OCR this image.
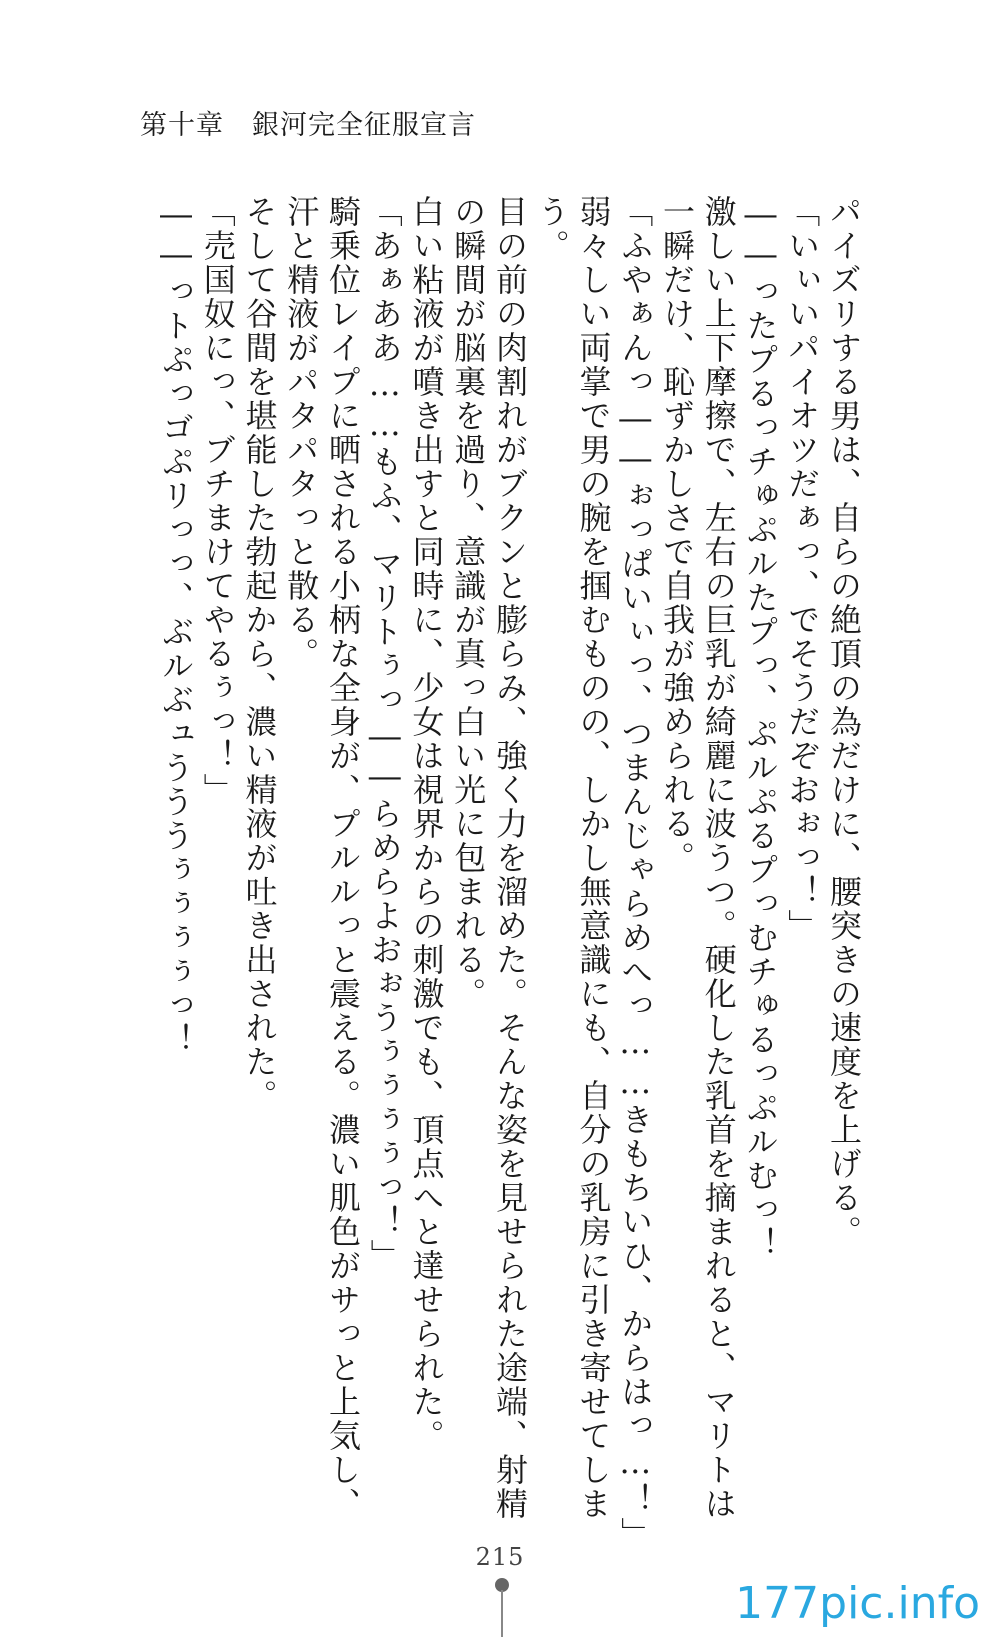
第十章　銀河完全征服宣言
パイズリする男は、自らの絶頂の為だけに、腰突きの速度を上げる。
「いぃいパイオツだぁっ、でそうだぞおぉっ！」
――ったプるっチゅぷルたプっ、ぷルぷるプっむチゅるっぷルむっ！
激しい上下摩擦で、左右の巨乳が綺麗に波うつ。硬化した乳首を摘まれると、マリトは
一瞬だけ、恥ずかしさで自我が強められる。
「ふやぁんっ――ぉっぱいぃっ、つまんじゃらめへっ……きもちいひ、からはっ…！」
弱々しい両掌で男の腕を掴むものの、しかし無意識にも、自分の乳房に引き寄せてしま
う。
目の前の肉割れがブクンと膨らみ、強く力を溜めた。そんな姿を見せられた途端、射精
の瞬間が脳裏を過り、意識が真っ白い光に包まれる。
白い粘液が噴き出すと同時に、少女は視界からの刺激でも、頂点へと達せられた。
「あぁああ……もふ、マリトぅっ――らめらよおぉうぅぅぅぅっ！」
騎乗位レイプに晒される小柄な全身が、プルルっと震える。濃い肌色がサっと上気し、
汗と精液がパタパタっと散る。
そして谷間を堪能した勃起から、濃い精液が吐き出された。
「売国奴にっ、ブチまけてやるぅっ！」
――っトぷっゴぷリっっ、ぶルぶュうううぅぅぅぅっ！
215
177pic.info
